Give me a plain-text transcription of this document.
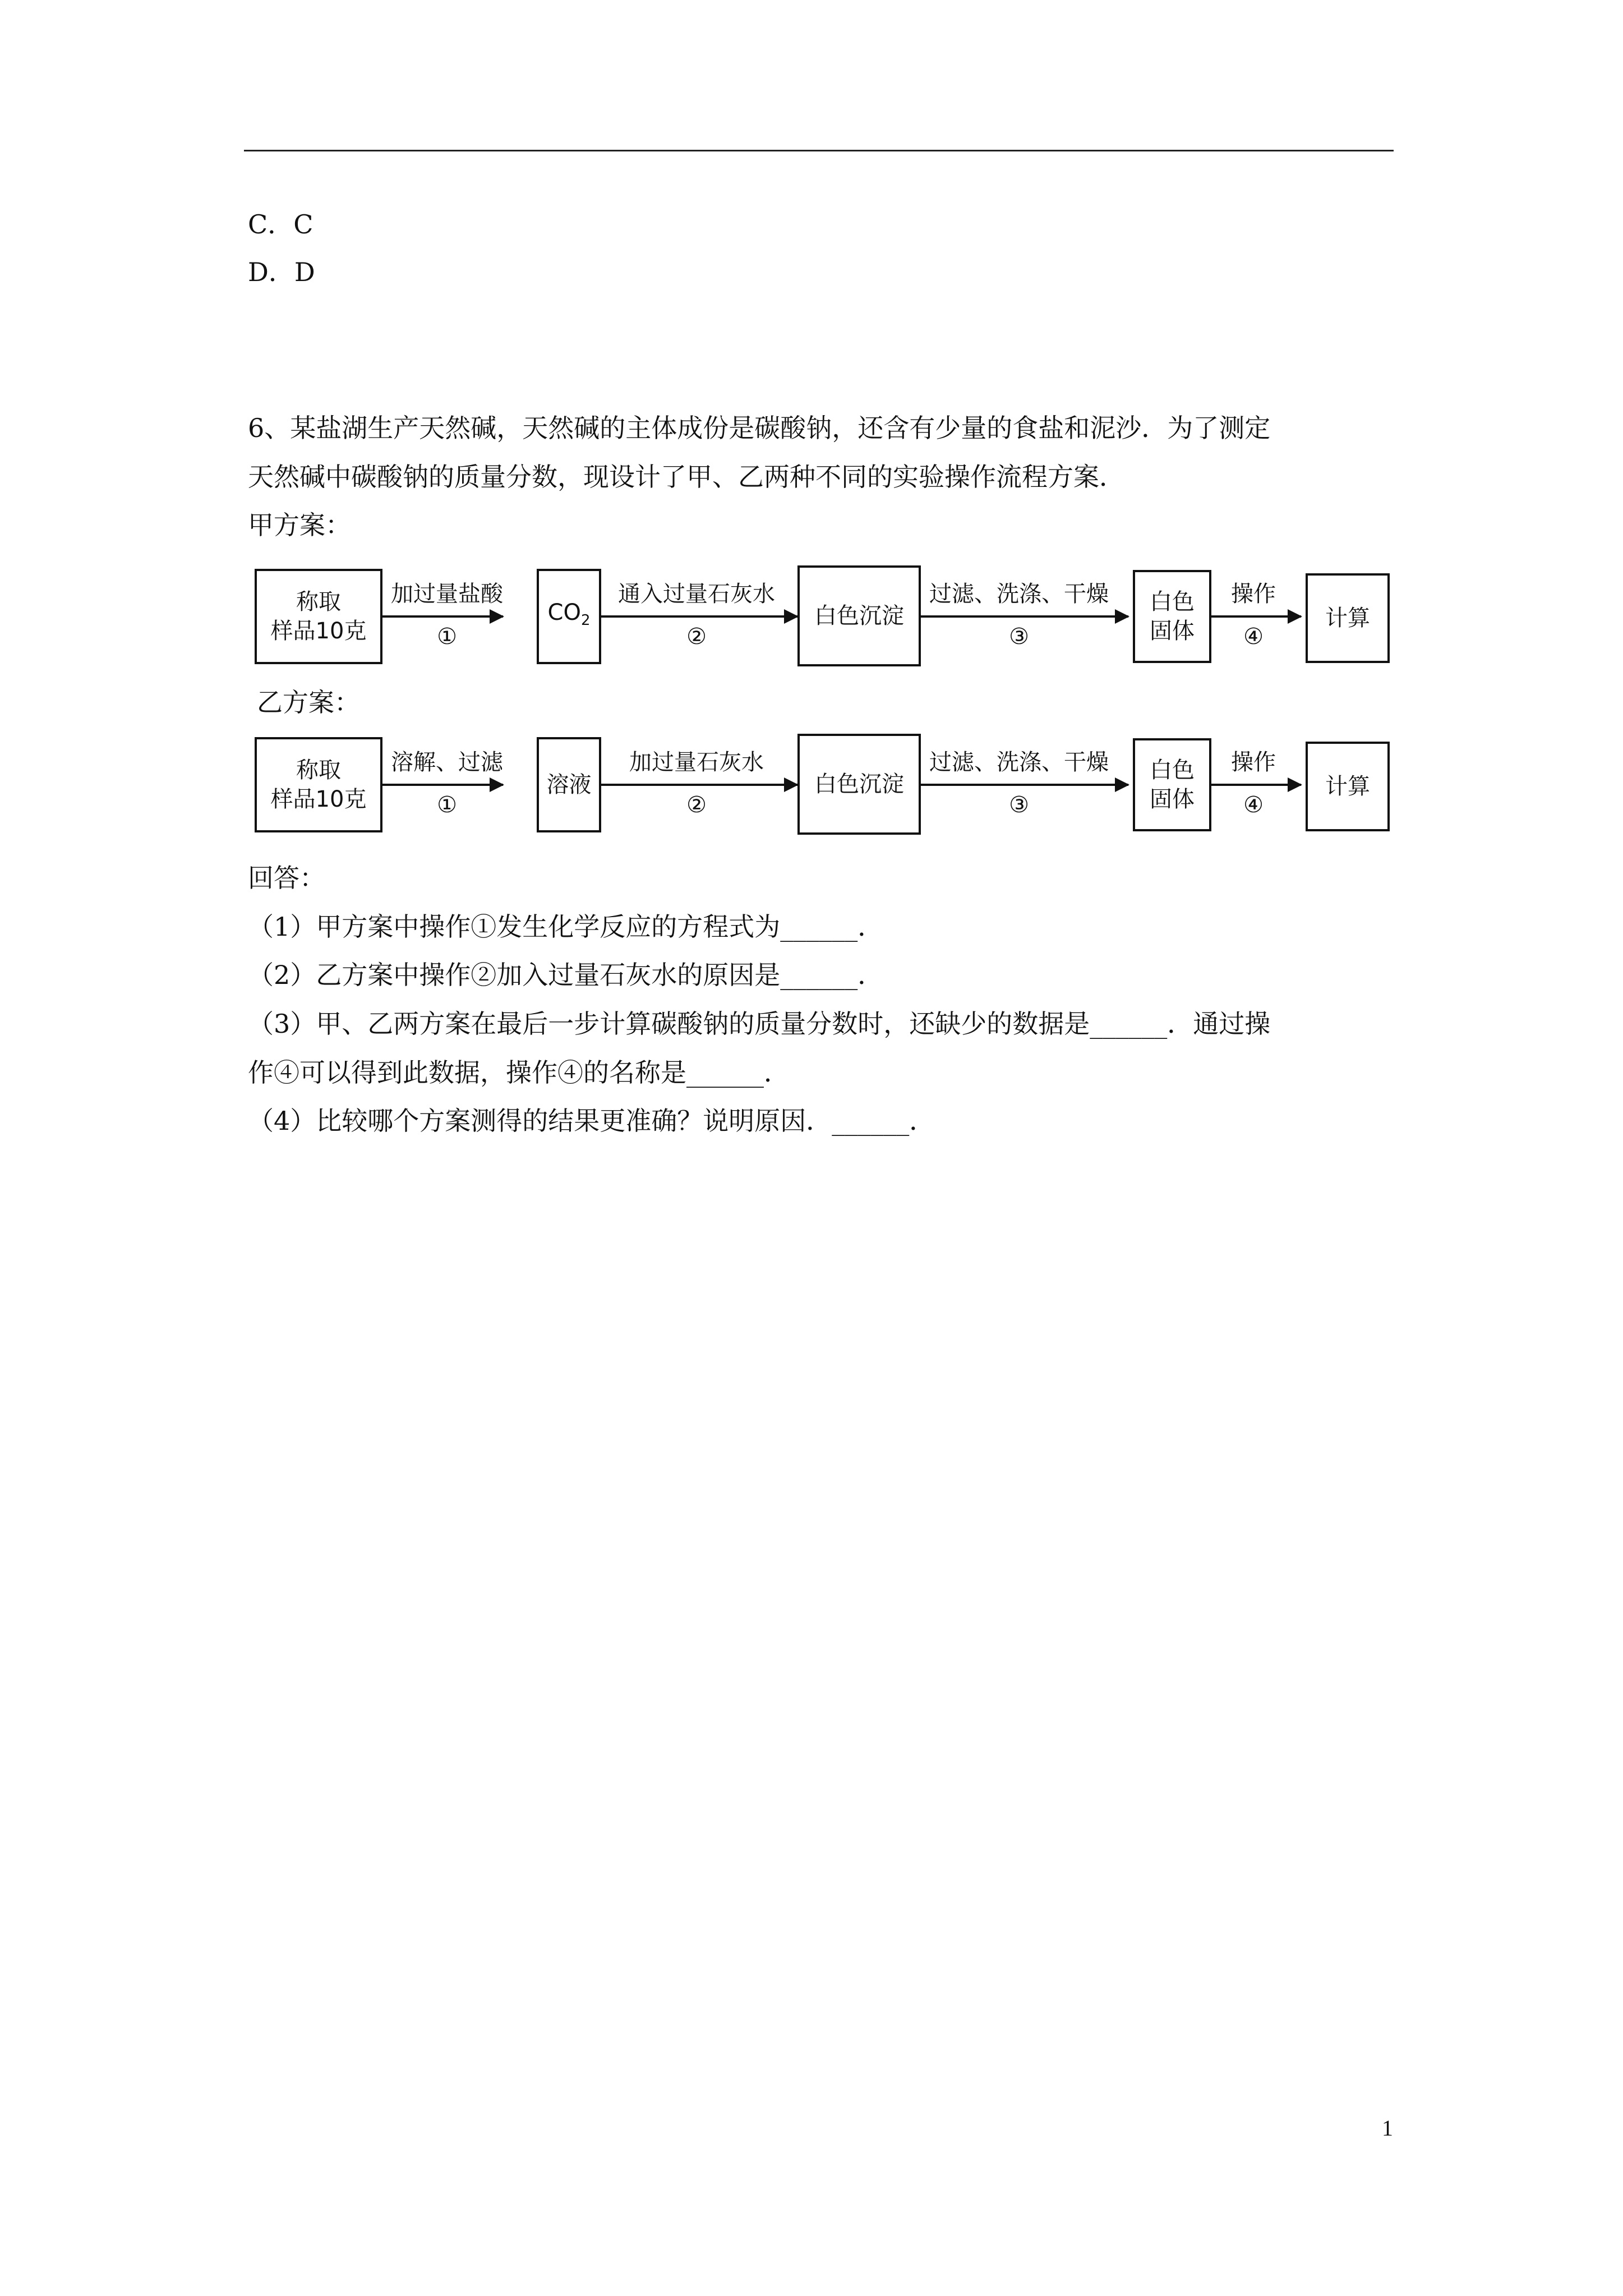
C．C
D．D
6、某盐湖生产天然碱，天然碱的主体成份是碳酸钠，还含有少量的食盐和泥沙．为了测定
天然碱中碳酸钠的质量分数，现设计了甲、乙两种不同的实验操作流程方案．
甲方案：
称取
样品10克
加过量盐酸
①
$CO_2$
通入过量石灰水
②
白色沉淀
过滤、洗涤、干燥
③
白色
固体
操作
④
计算
乙方案：
称取
样品10克
溶解、过滤
①
溶液
加过量石灰水
②
白色沉淀
过滤、洗涤、干燥
③
白色
固体
操作
④
计算
回答：
（1）甲方案中操作①发生化学反应的方程式为______．
（2）乙方案中操作②加入过量石灰水的原因是______．
（3）甲、乙两方案在最后一步计算碳酸钠的质量分数时，还缺少的数据是______．通过操
作④可以得到此数据，操作④的名称是______．
（4）比较哪个方案测得的结果更准确？说明原因．______．
1
